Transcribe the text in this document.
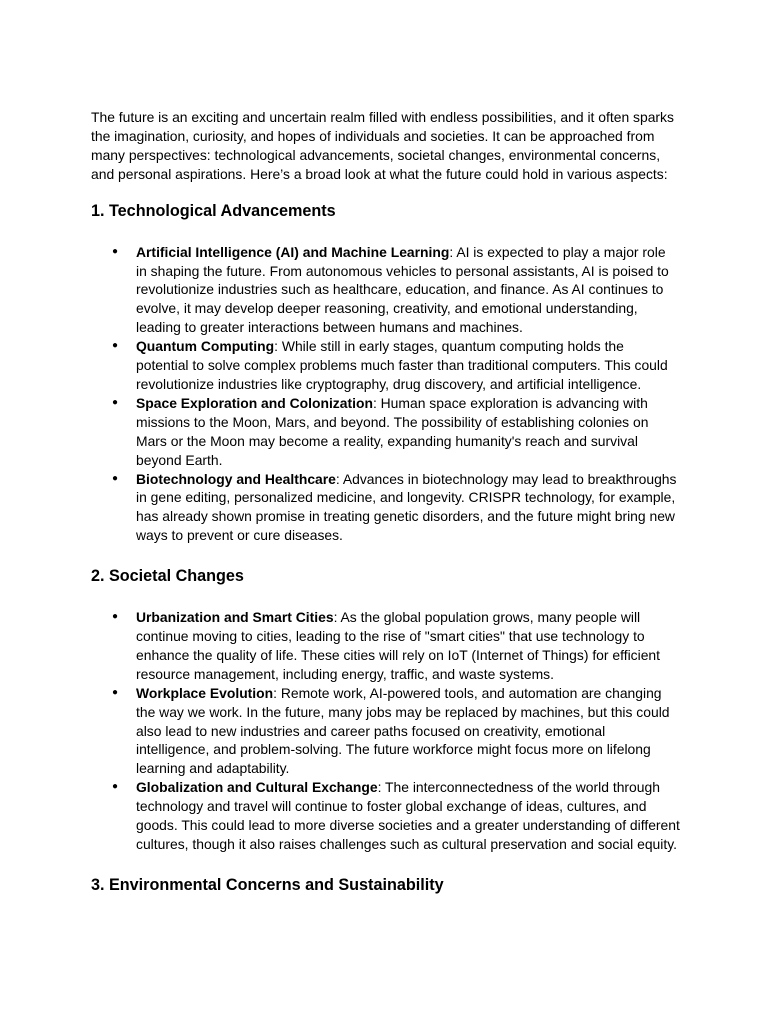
The future is an exciting and uncertain realm filled with endless possibilities, and it often sparks the imagination, curiosity, and hopes of individuals and societies. It can be approached from many perspectives: technological advancements, societal changes, environmental concerns, and personal aspirations. Here’s a broad look at what the future could hold in various aspects:

1. Technological Advancements
● Artificial Intelligence (AI) and Machine Learning: AI is expected to play a major role in shaping the future. From autonomous vehicles to personal assistants, AI is poised to revolutionize industries such as healthcare, education, and finance. As AI continues to evolve, it may develop deeper reasoning, creativity, and emotional understanding, leading to greater interactions between humans and machines.
● Quantum Computing: While still in early stages, quantum computing holds the potential to solve complex problems much faster than traditional computers. This could revolutionize industries like cryptography, drug discovery, and artificial intelligence.
● Space Exploration and Colonization: Human space exploration is advancing with missions to the Moon, Mars, and beyond. The possibility of establishing colonies on Mars or the Moon may become a reality, expanding humanity's reach and survival beyond Earth.
● Biotechnology and Healthcare: Advances in biotechnology may lead to breakthroughs in gene editing, personalized medicine, and longevity. CRISPR technology, for example, has already shown promise in treating genetic disorders, and the future might bring new ways to prevent or cure diseases.
2. Societal Changes
● Urbanization and Smart Cities: As the global population grows, many people will continue moving to cities, leading to the rise of "smart cities" that use technology to enhance the quality of life. These cities will rely on IoT (Internet of Things) for efficient resource management, including energy, traffic, and waste systems.
● Workplace Evolution: Remote work, AI-powered tools, and automation are changing the way we work. In the future, many jobs may be replaced by machines, but this could also lead to new industries and career paths focused on creativity, emotional intelligence, and problem-solving. The future workforce might focus more on lifelong learning and adaptability.
● Globalization and Cultural Exchange: The interconnectedness of the world through technology and travel will continue to foster global exchange of ideas, cultures, and goods. This could lead to more diverse societies and a greater understanding of different cultures, though it also raises challenges such as cultural preservation and social equity.
3. Environmental Concerns and Sustainability
